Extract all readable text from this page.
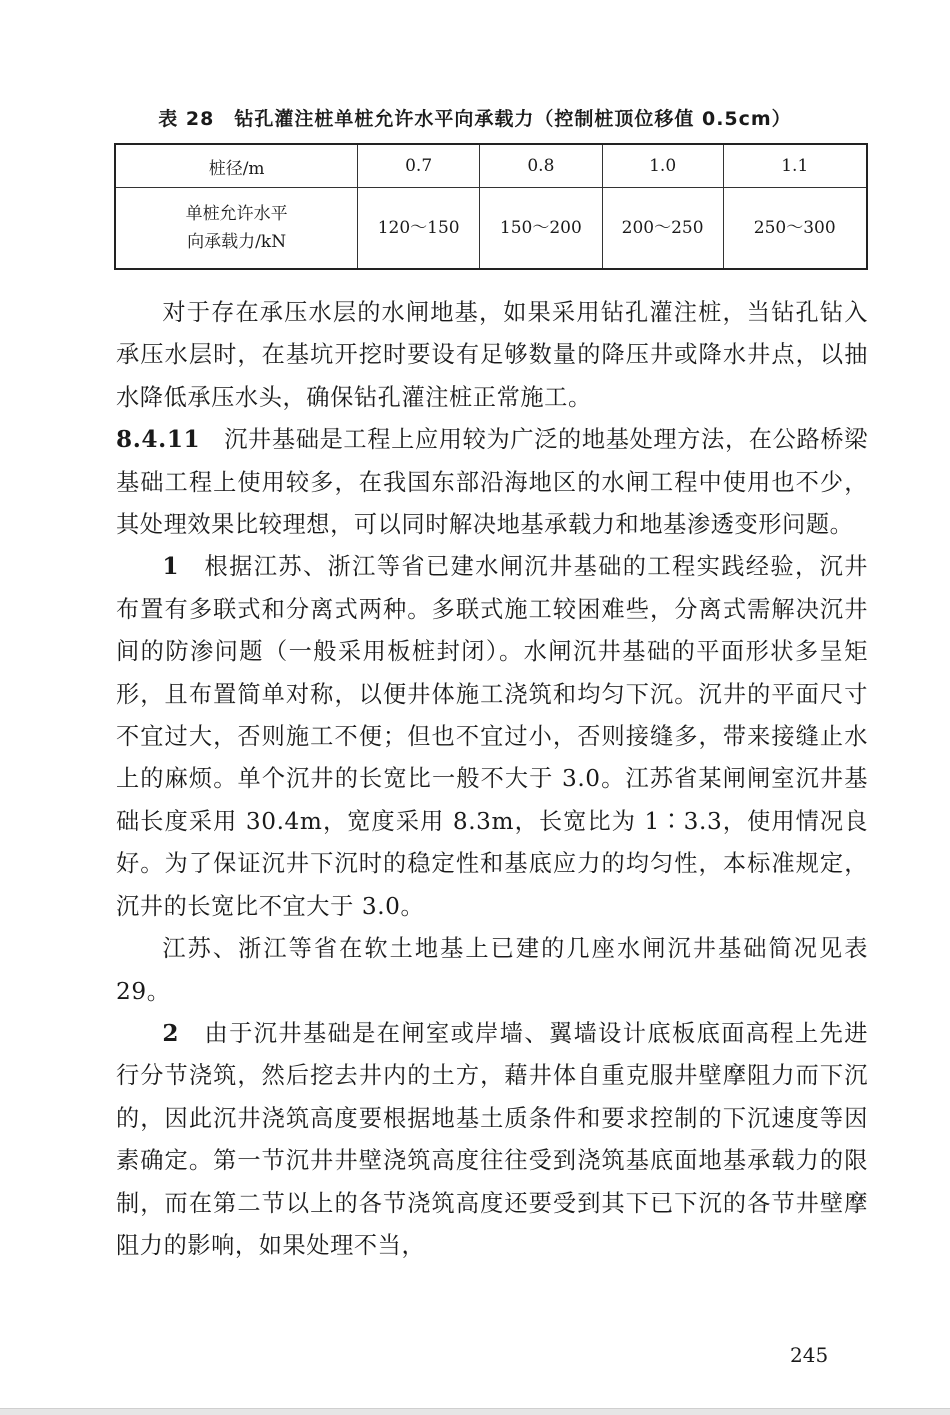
表 28　钻孔灌注桩单桩允许水平向承载力（控制桩顶位移值 0.5cm）
桩径/m	0.7	0.8	1.0	1.1

单桩允许水平
向承载力/kN	120～150	150～200	200～250	250～300

对于存在承压水层的水闸地基，如果采用钻孔灌注桩，当钻孔钻入承压水层时，在基坑开挖时要设有足够数量的降压井或降水井点，以抽水降低承压水头，确保钻孔灌注桩正常施工。

8.4.11　 沉井基础是工程上应用较为广泛的地基处理方法，在公路桥梁基础工程上使用较多，在我国东部沿海地区的水闸工程中使用也不少，其处理效果比较理想，可以同时解决地基承载力和地基渗透变形问题。

1　 根据江苏、浙江等省已建水闸沉井基础的工程实践经验，沉井布置有多联式和分离式两种。多联式施工较困难些，分离式需解决沉井间的防渗问题（一般采用板桩封闭）。水闸沉井基础的平面形状多呈矩形，且布置简单对称，以便井体施工浇筑和均匀下沉。沉井的平面尺寸不宜过大，否则施工不便；但也不宜过小，否则接缝多，带来接缝止水上的麻烦。单个沉井的长宽比一般不大于 3.0。江苏省某闸闸室沉井基础长度采用 30.4m，宽度采用 8.3m，长宽比为 1∶3.3，使用情况良好。为了保证沉井下沉时的稳定性和基底应力的均匀性，本标准规定，沉井的长宽比不宜大于 3.0。

江苏、浙江等省在软土地基上已建的几座水闸沉井基础简况见表 29。

2　 由于沉井基础是在闸室或岸墙、翼墙设计底板底面高程上先进行分节浇筑，然后挖去井内的土方，藉井体自重克服井壁摩阻力而下沉的，因此沉井浇筑高度要根据地基土质条件和要求控制的下沉速度等因素确定。第一节沉井井壁浇筑高度往往受到浇筑基底面地基承载力的限制，而在第二节以上的各节浇筑高度还要受到其下已下沉的各节井壁摩阻力的影响，如果处理不当，

245
